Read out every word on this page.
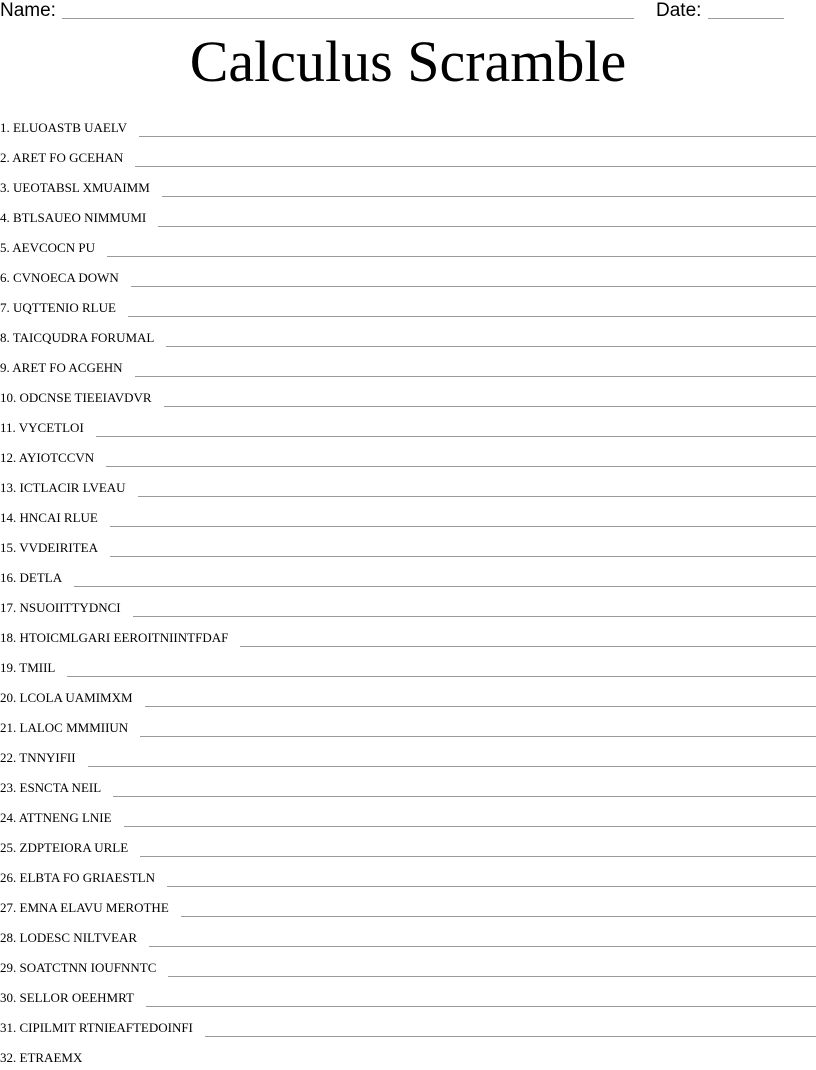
Name:	Date:
Calculus Scramble
1. ELUOASTB UAELV
2. ARET FO GCEHAN
3. UEOTABSL XMUAIMM
4. BTLSAUEO NIMMUMI
5. AEVCOCN PU
6. CVNOECA DOWN
7. UQTTENIO RLUE
8. TAICQUDRA FORUMAL
9. ARET FO ACGEHN
10. ODCNSE TIEEIAVDVR
11. VYCETLOI
12. AYIOTCCVN
13. ICTLACIR LVEAU
14. HNCAI RLUE
15. VVDEIRITEA
16. DETLA
17. NSUOIITTYDNCI
18. HTOICMLGARI EEROITNIINTFDAF
19. TMIIL
20. LCOLA UAMIMXM
21. LALOC MMMIIUN
22. TNNYIFII
23. ESNCTA NEIL
24. ATTNENG LNIE
25. ZDPTEIORA URLE
26. ELBTA FO GRIAESTLN
27. EMNA ELAVU MEROTHE
28. LODESC NILTVEAR
29. SOATCTNN IOUFNNTC
30. SELLOR OEEHMRT
31. CIPILMIT RTNIEAFTEDOINFI
32. ETRAEMX
